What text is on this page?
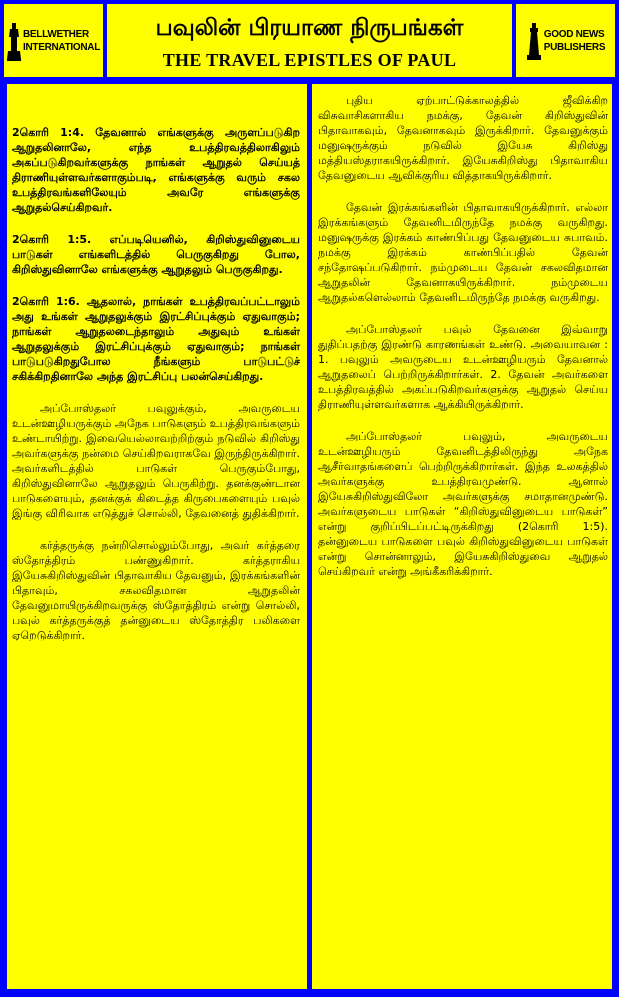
BELLWETHER
INTERNATIONAL
பவுலின் பிரயாண நிருபங்கள்
THE TRAVEL EPISTLES OF PAUL
GOOD NEWS
PUBLISHERS

2கொரி 1:4. தேவனால் எங்களுக்கு அருளப்படுகிற ஆறுதலினாலே, எந்த உபத்திரவத்திலாகிலும் அகப்படுகிறவர்களுக்கு நாங்கள் ஆறுதல் செய்யத் திராணியுள்ளவர்களாகும்படி, எங்களுக்கு வரும் சகல உபத்திரவங்களிலேயும் அவரே எங்களுக்கு ஆறுதல்செய்கிறவர்.

2கொரி 1:5. எப்படியெனில், கிறிஸ்துவினுடைய பாடுகள் எங்களிடத்தில் பெருகுகிறது போல, கிறிஸ்துவினாலே எங்களுக்கு ஆறுதலும் பெருகுகிறது.

2கொரி 1:6. ஆதலால், நாங்கள் உபத்திரவப்பட்டாலும் அது உங்கள் ஆறுதலுக்கும் இரட்சிப்புக்கும் ஏதுவாகும்; நாங்கள் ஆறுதலடைந்தாலும் அதுவும் உங்கள் ஆறுதலுக்கும் இரட்சிப்புக்கும் ஏதுவாகும்; நாங்கள் பாடுபடுகிறதுபோல நீங்களும் பாடுபட்டுச் சகிக்கிறதினாலே அந்த இரட்சிப்பு பலன்செய்கிறது.

அப்போஸ்தலர் பவுலுக்கும், அவருடைய உடன்ஊழியருக்கும் அநேக பாடுகளும் உபத்திரவங்களும் உண்டாயிற்று. இவையெல்லாவற்றிற்கும் நடுவில் கிறிஸ்து அவர்களுக்கு நன்மை செய்கிறவராகவே இருந்திருக்கிறார். அவர்களிடத்தில் பாடுகள் பெருகும்போது, கிறிஸ்துவினாலே ஆறுதலும் பெருகிற்று. தனக்குண்டான பாடுகளையும், தனக்குக் கிடைத்த கிருபைகளையும் பவுல் இங்கு விரிவாக எடுத்துச் சொல்லி, தேவனைத் துதிக்கிறார்.

கர்த்தருக்கு நன்றிசொல்லும்போது, அவர் கர்த்தரை ஸ்தோத்திரம் பண்ணுகிறார். கர்த்தராகிய இயேசுகிறிஸ்துவின் பிதாவாகிய தேவனும், இரக்கங்களின் பிதாவும், சகலவிதமான ஆறுதலின் தேவனுமாயிருக்கிறவருக்கு ஸ்தோத்திரம் என்று சொல்லி, பவுல் கர்த்தருக்குத் தன்னுடைய ஸ்தோத்திர பலிகளை ஏறெடுக்கிறார்.

புதிய ஏற்பாட்டுக்காலத்தில் ஜீவிக்கிற விசுவாசிகளாகிய நமக்கு, தேவன் கிறிஸ்துவின் பிதாவாகவும், தேவனாகவும் இருக்கிறார். தேவனுக்கும் மனுஷருக்கும் நடுவில் இயேசு கிறிஸ்து மத்தியஸ்தராகயிருக்கிறார். இயேசுகிறிஸ்து பிதாவாகிய தேவனுடைய ஆவிக்குரிய வித்தாகயிருக்கிறார்.

தேவன் இரக்கங்களின் பிதாவாகயிருக்கிறார். எல்லா இரக்கங்களும் தேவனிடமிருந்தே நமக்கு வருகிறது. மனுஷருக்கு இரக்கம் காண்பிப்பது தேவனுடைய சுபாவம். நமக்கு இரக்கம் காண்பிப்பதில் தேவன் சந்தோஷப்படுகிறார். நம்முடைய தேவன் சகலவிதமான ஆறுதலின் தேவனாகயிருக்கிறார். நம்முடைய ஆறுதல்களெல்லாம் தேவனிடமிருந்தே நமக்கு வருகிறது.

அப்போஸ்தலர் பவுல் தேவனை இவ்வாறு துதிப்பதற்கு இரண்டு காரணங்கள் உண்டு. அவையாவன : 1. பவுலும் அவருடைய உடன்ஊழியரும் தேவனால் ஆறுதலைப் பெற்றிருக்கிறார்கள். 2. தேவன் அவர்களை உபத்திரவத்தில் அகப்படுகிறவர்களுக்கு ஆறுதல் செய்ய திராணியுள்ளவர்களாக ஆக்கியிருக்கிறார்.

அப்போஸ்தலர் பவுலும், அவருடைய உடன்ஊழியரும் தேவனிடத்திலிருந்து அநேக ஆசீர்வாதங்களைப் பெற்றிருக்கிறார்கள். இந்த உலகத்தில் அவர்களுக்கு உபத்திரவமுண்டு. ஆனால் இயேசுகிறிஸ்துவிலோ அவர்களுக்கு சமாதானமுண்டு. அவர்களுடைய பாடுகள் “கிறிஸ்துவினுடைய பாடுகள்” என்று குறிப்பிடப்பட்டிருக்கிறது (2கொரி 1:5). தன்னுடைய பாடுகளை பவுல் கிறிஸ்துவினுடைய பாடுகள் என்று சொன்னாலும், இயேசுகிறிஸ்துவை ஆறுதல் செய்கிறவர் என்று அங்கீகரிக்கிறார்.
